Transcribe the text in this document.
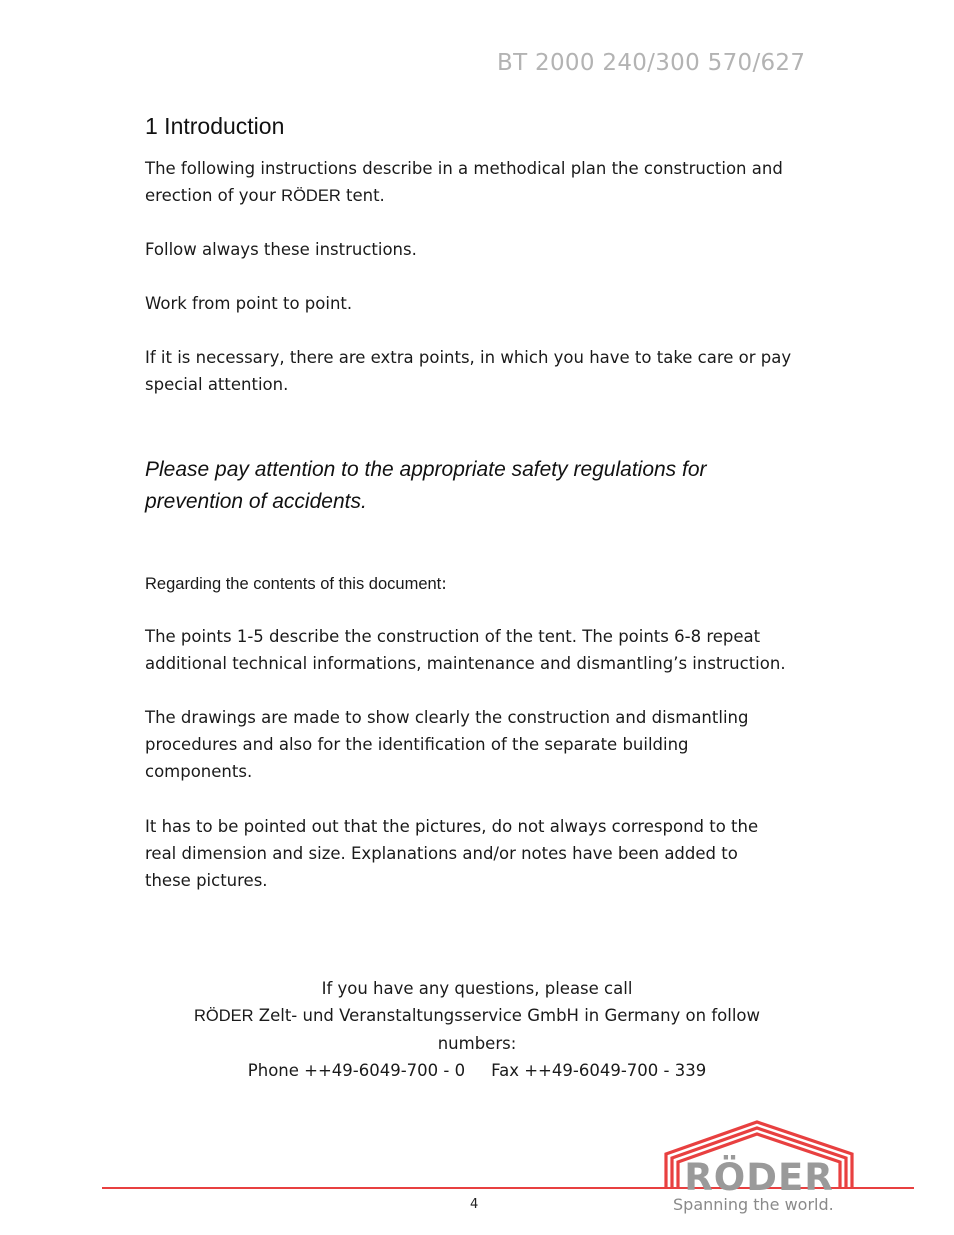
BT 2000 240/300 570/627
1 Introduction
The following instructions describe in a methodical plan the construction and
erection of your RÖDER tent.
Follow always these instructions.
Work from point to point.
If it is necessary, there are extra points, in which you have to take care or pay
special attention.
Please pay attention to the appropriate safety regulations for
prevention of accidents.
Regarding the contents of this document:
The points 1-5 describe the construction of the tent. The points 6-8 repeat
additional technical informations, maintenance and dismantling’s instruction.
The drawings are made to show clearly the construction and dismantling
procedures and also for the identification of the separate building
components.
It has to be pointed out that the pictures, do not always correspond to the
real dimension and size. Explanations and/or notes have been added to
these pictures.
If you have any questions, please call
RÖDER Zelt- und Veranstaltungsservice GmbH in Germany on follow
numbers:
Phone ++49-6049-700 - 0 Fax ++49-6049-700 - 339
4
RÖDER
Spanning the world.
